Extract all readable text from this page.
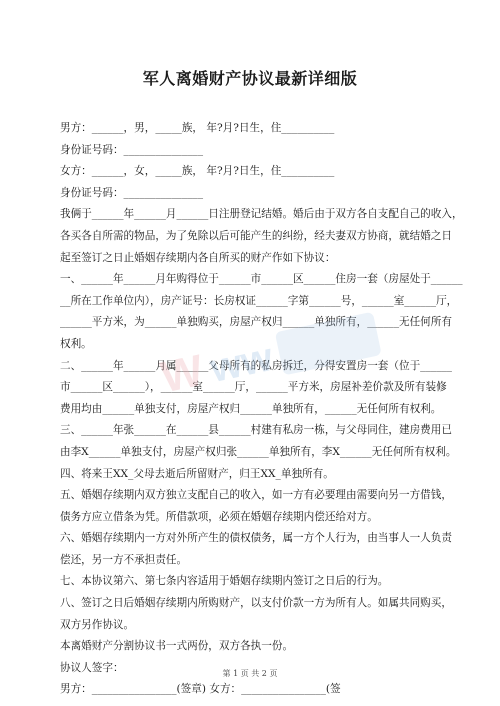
军人离婚财产协议最新详细版

男方：______，男，_____族， 年?月?日生，住__________

身份证号码：_______________

女方：______，女，_____族， 年?月?日生，住__________

身份证号码：_______________

我俩于______年______月______日注册登记结婚。婚后由于双方各自支配自己的收入，

各买各自所需的物品，为了免除以后可能产生的纠纷，经夫妻双方协商，就结婚之日

起至签订之日止婚姻存续期内各自所买的财产作如下协议：

一、______年______月年购得位于______市______区______住房一套（房屋处于______

__所在工作单位内），房产证号：长房权证______字第______号，______室______厅，

______平方米，为______单独购买，房屋产权归______单独所有，______无任何所有

权利。

二、______年______月属______父母所有的私房拆迁，分得安置房一套（位于______

市______区______），______室______厅，______平方米，房屋补差价款及所有装修

费用均由______单独支付，房屋产权归______单独所有，______无任何所有权利。

三、______年张______在______县______村建有私房一栋，与父母同住，建房费用已

由李X______单独支付，房屋产权归张______单独所有，李X______无任何所有权利。

四、将来王XX_父母去逝后所留财产，归王XX_单独所有。

五、婚姻存续期内双方独立支配自己的收入，如一方有必要理由需要向另一方借钱，

债务方应立借条为凭。所借款项，必须在婚姻存续期内偿还给对方。

六、婚姻存续期内一方对外所产生的债权债务，属一方个人行为，由当事人一人负责

偿还，另一方不承担责任。

七、本协议第六、第七条内容适用于婚姻存续期内签订之日后的行为。

八、签订之日后婚姻存续期内所购财产，以支付价款一方为所有人。如属共同购买，

双方另作协议。

本离婚财产分割协议书一式两份，双方各执一份。

协议人签字：

男方：________________(签章) 女方：________________(签

W
ww
第 1 页 共 2 页
